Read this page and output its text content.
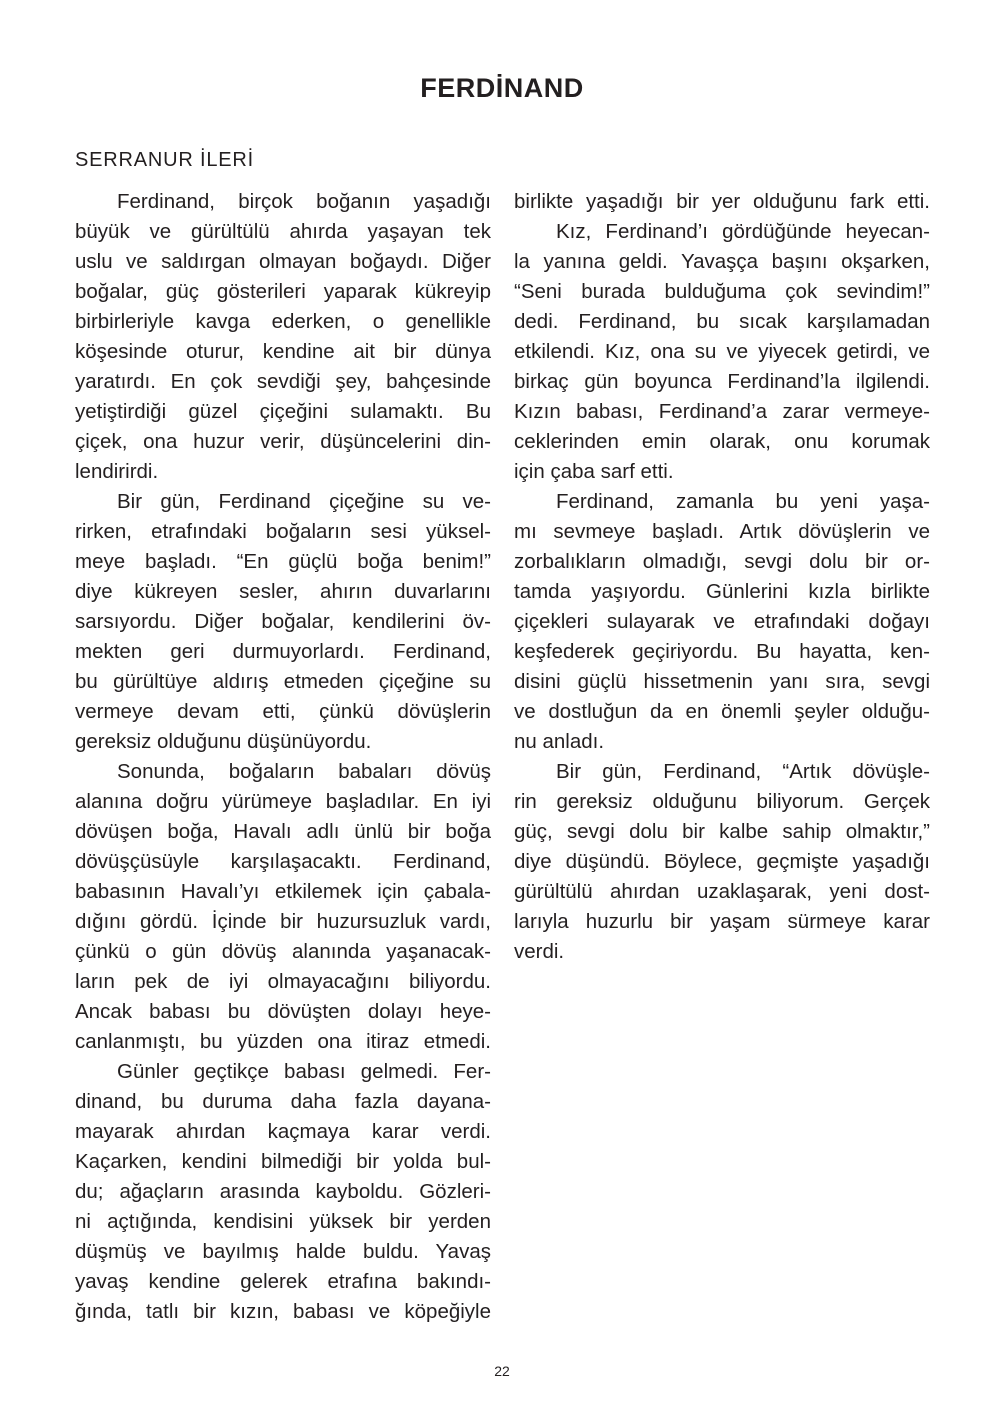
FERDİNAND
SERRANUR İLERİ
Ferdinand, birçok boğanın yaşadığı
büyük ve gürültülü ahırda yaşayan tek
uslu ve saldırgan olmayan boğaydı. Diğer
boğalar, güç gösterileri yaparak kükreyip
birbirleriyle kavga ederken, o genellikle
köşesinde oturur, kendine ait bir dünya
yaratırdı. En çok sevdiği şey, bahçesinde
yetiştirdiği güzel çiçeğini sulamaktı. Bu
çiçek, ona huzur verir, düşüncelerini din-
lendirirdi.
Bir gün, Ferdinand çiçeğine su ve-
rirken, etrafındaki boğaların sesi yüksel-
meye başladı. “En güçlü boğa benim!”
diye kükreyen sesler, ahırın duvarlarını
sarsıyordu. Diğer boğalar, kendilerini öv-
mekten geri durmuyorlardı. Ferdinand,
bu gürültüye aldırış etmeden çiçeğine su
vermeye devam etti, çünkü dövüşlerin
gereksiz olduğunu düşünüyordu.
Sonunda, boğaların babaları dövüş
alanına doğru yürümeye başladılar. En iyi
dövüşen boğa, Havalı adlı ünlü bir boğa
dövüşçüsüyle karşılaşacaktı. Ferdinand,
babasının Havalı’yı etkilemek için çabala-
dığını gördü. İçinde bir huzursuzluk vardı,
çünkü o gün dövüş alanında yaşanacak-
ların pek de iyi olmayacağını biliyordu.
Ancak babası bu dövüşten dolayı heye-
canlanmıştı, bu yüzden ona itiraz etmedi.
Günler geçtikçe babası gelmedi. Fer-
dinand, bu duruma daha fazla dayana-
mayarak ahırdan kaçmaya karar verdi.
Kaçarken, kendini bilmediği bir yolda bul-
du; ağaçların arasında kayboldu. Gözleri-
ni açtığında, kendisini yüksek bir yerden
düşmüş ve bayılmış halde buldu. Yavaş
yavaş kendine gelerek etrafına bakındı-
ğında, tatlı bir kızın, babası ve köpeğiyle
birlikte yaşadığı bir yer olduğunu fark etti.
Kız, Ferdinand’ı gördüğünde heyecan-
la yanına geldi. Yavaşça başını okşarken,
“Seni burada bulduğuma çok sevindim!”
dedi. Ferdinand, bu sıcak karşılamadan
etkilendi. Kız, ona su ve yiyecek getirdi, ve
birkaç gün boyunca Ferdinand’la ilgilendi.
Kızın babası, Ferdinand’a zarar vermeye-
ceklerinden emin olarak, onu korumak
için çaba sarf etti.
Ferdinand, zamanla bu yeni yaşa-
mı sevmeye başladı. Artık dövüşlerin ve
zorbalıkların olmadığı, sevgi dolu bir or-
tamda yaşıyordu. Günlerini kızla birlikte
çiçekleri sulayarak ve etrafındaki doğayı
keşfederek geçiriyordu. Bu hayatta, ken-
disini güçlü hissetmenin yanı sıra, sevgi
ve dostluğun da en önemli şeyler olduğu-
nu anladı.
Bir gün, Ferdinand, “Artık dövüşle-
rin gereksiz olduğunu biliyorum. Gerçek
güç, sevgi dolu bir kalbe sahip olmaktır,”
diye düşündü. Böylece, geçmişte yaşadığı
gürültülü ahırdan uzaklaşarak, yeni dost-
larıyla huzurlu bir yaşam sürmeye karar
verdi.
22
